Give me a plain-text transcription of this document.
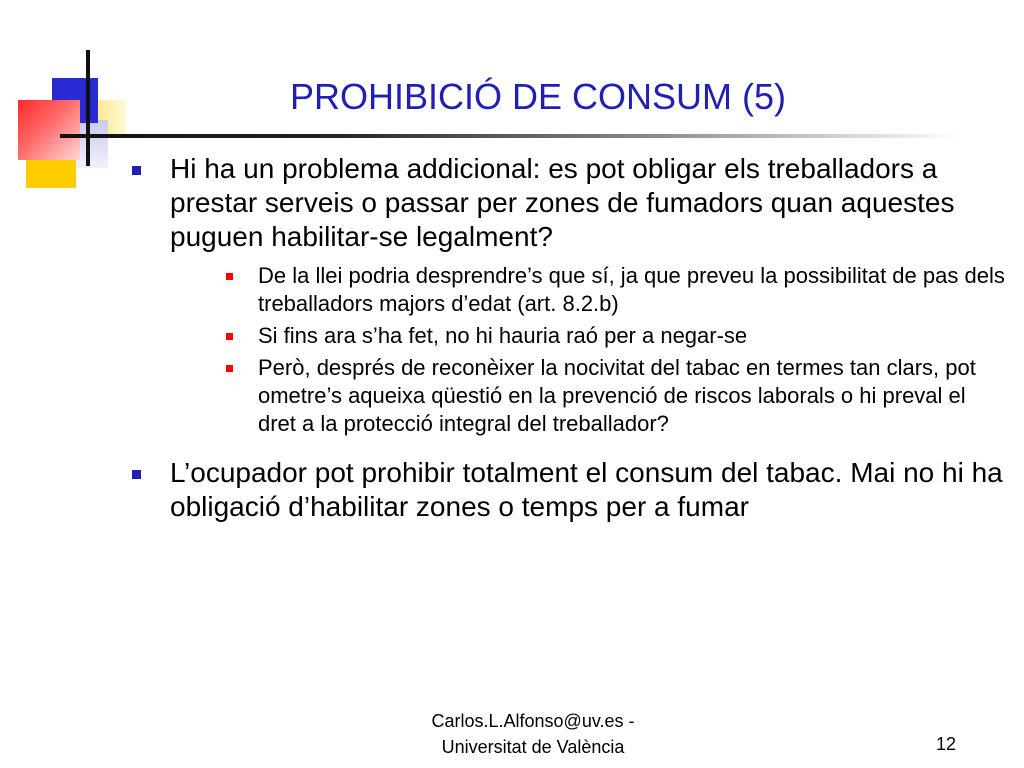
PROHIBICIÓ DE CONSUM (5)
Hi ha un problema addicional: es pot obligar els treballadors a prestar serveis o passar per zones de fumadors quan aquestes puguen habilitar-se legalment?
De la llei podria desprendre’s que sí, ja que preveu la possibilitat de pas dels treballadors majors d’edat (art. 8.2.b)
Si fins ara s’ha fet, no hi hauria raó per a negar-se
Però, després de reconèixer la nocivitat del tabac en termes tan clars, pot ometre’s aqueixa qüestió en la prevenció de riscos laborals o hi preval el dret a la protecció integral del treballador?
L’ocupador pot prohibir totalment el consum del tabac. Mai no hi ha obligació d’habilitar zones o temps per a fumar
Carlos.L.Alfonso@uv.es -
Universitat de València	12
